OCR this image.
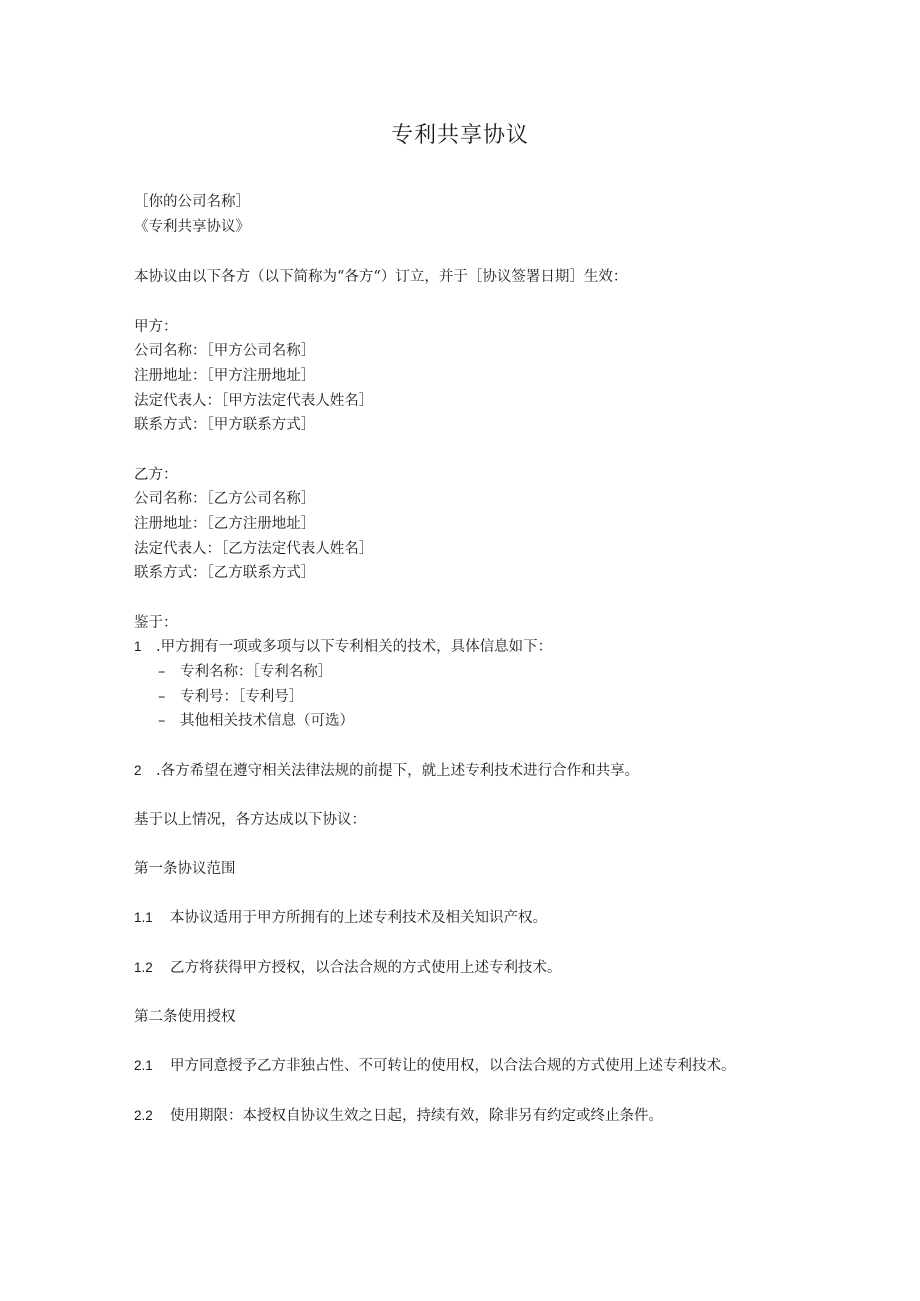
专利共享协议
［你的公司名称］
《专利共享协议》
本协议由以下各方（以下简称为“各方“）订立，并于［协议签署日期］生效：
甲方：
公司名称：［甲方公司名称］
注册地址：［甲方注册地址］
法定代表人：［甲方法定代表人姓名］
联系方式：［甲方联系方式］
乙方：
公司名称：［乙方公司名称］
注册地址：［乙方注册地址］
法定代表人：［乙方法定代表人姓名］
联系方式：［乙方联系方式］
鉴于：
1 .甲方拥有一项或多项与以下专利相关的技术，具体信息如下：
– 专利名称：［专利名称］
– 专利号：［专利号］
– 其他相关技术信息（可选）
2 .各方希望在遵守相关法律法规的前提下，就上述专利技术进行合作和共享。
基于以上情况，各方达成以下协议：
第一条协议范围
1.1 本协议适用于甲方所拥有的上述专利技术及相关知识产权。
1.2 乙方将获得甲方授权，以合法合规的方式使用上述专利技术。
第二条使用授权
2.1 甲方同意授予乙方非独占性、不可转让的使用权，以合法合规的方式使用上述专利技术。
2.2 使用期限：本授权自协议生效之日起，持续有效，除非另有约定或终止条件。
